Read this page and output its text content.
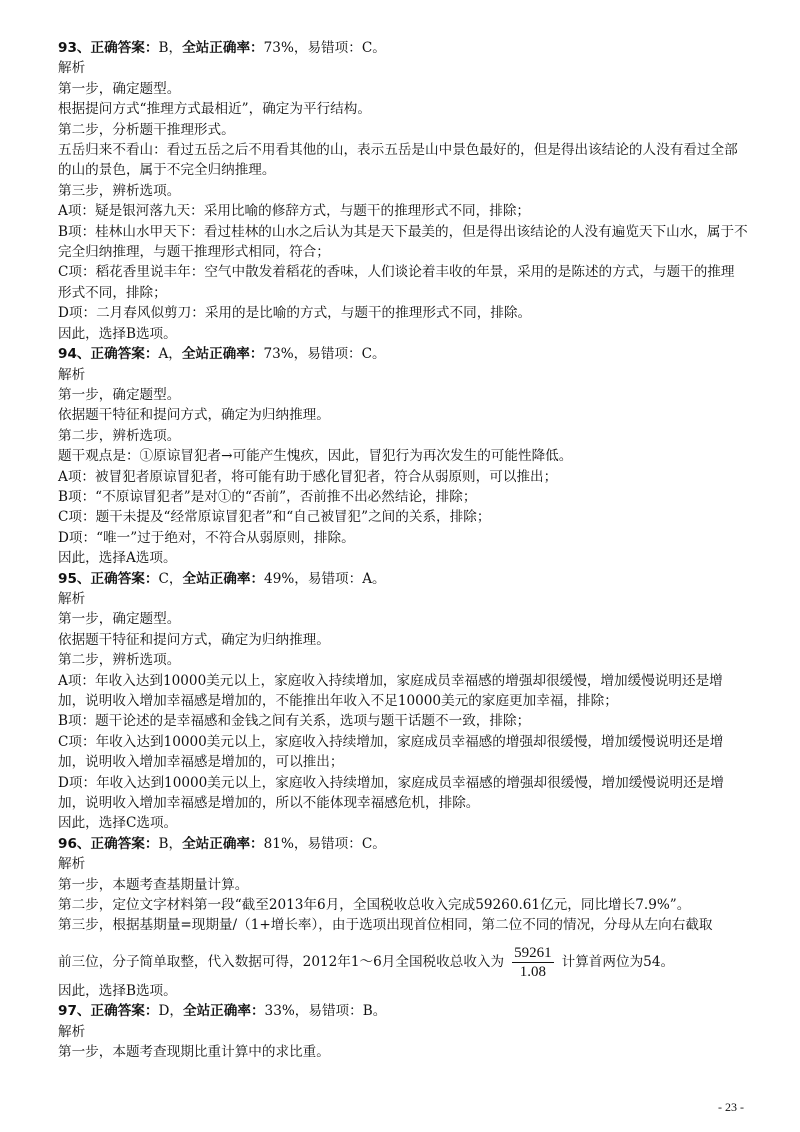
93、正确答案：B，全站正确率：73%，易错项：C。
解析
第一步，确定题型。
根据提问方式“推理方式最相近”，确定为平行结构。
第二步，分析题干推理形式。
五岳归来不看山：看过五岳之后不用看其他的山，表示五岳是山中景色最好的，但是得出该结论的人没有看过全部的山的景色，属于不完全归纳推理。
第三步，辨析选项。
A项：疑是银河落九天：采用比喻的修辞方式，与题干的推理形式不同，排除；
B项：桂林山水甲天下：看过桂林的山水之后认为其是天下最美的，但是得出该结论的人没有遍览天下山水，属于不完全归纳推理，与题干推理形式相同，符合；
C项：稻花香里说丰年：空气中散发着稻花的香味，人们谈论着丰收的年景，采用的是陈述的方式，与题干的推理形式不同，排除；
D项：二月春风似剪刀：采用的是比喻的方式，与题干的推理形式不同，排除。
因此，选择B选项。
94、正确答案：A，全站正确率：73%，易错项：C。
解析
第一步，确定题型。
依据题干特征和提问方式，确定为归纳推理。
第二步，辨析选项。
题干观点是：①原谅冒犯者→可能产生愧疚，因此，冒犯行为再次发生的可能性降低。
A项：被冒犯者原谅冒犯者，将可能有助于感化冒犯者，符合从弱原则，可以推出；
B项：“不原谅冒犯者”是对①的“否前”，否前推不出必然结论，排除；
C项：题干未提及“经常原谅冒犯者”和“自己被冒犯”之间的关系，排除；
D项：“唯一”过于绝对，不符合从弱原则，排除。
因此，选择A选项。
95、正确答案：C，全站正确率：49%，易错项：A。
解析
第一步，确定题型。
依据题干特征和提问方式，确定为归纳推理。
第二步，辨析选项。
A项：年收入达到10000美元以上，家庭收入持续增加，家庭成员幸福感的增强却很缓慢，增加缓慢说明还是增加，说明收入增加幸福感是增加的，不能推出年收入不足10000美元的家庭更加幸福，排除；
B项：题干论述的是幸福感和金钱之间有关系，选项与题干话题不一致，排除；
C项：年收入达到10000美元以上，家庭收入持续增加，家庭成员幸福感的增强却很缓慢，增加缓慢说明还是增加，说明收入增加幸福感是增加的，可以推出；
D项：年收入达到10000美元以上，家庭收入持续增加，家庭成员幸福感的增强却很缓慢，增加缓慢说明还是增加，说明收入增加幸福感是增加的，所以不能体现幸福感危机，排除。
因此，选择C选项。
96、正确答案：B，全站正确率：81%，易错项：C。
解析
第一步，本题考查基期量计算。
第二步，定位文字材料第一段“截至2013年6月，全国税收总收入完成59260.61亿元，同比增长7.9%”。
第三步，根据基期量=现期量/（1+增长率），由于选项出现首位相同，第二位不同的情况，分母从左向右截取
前三位，分子简单取整，代入数据可得，2012年1～6月全国税收总收入为 $\frac{59261}{1.08}$ 计算首两位为54。
因此，选择B选项。
97、正确答案：D，全站正确率：33%，易错项：B。
解析
第一步，本题考查现期比重计算中的求比重。
- 23 -
